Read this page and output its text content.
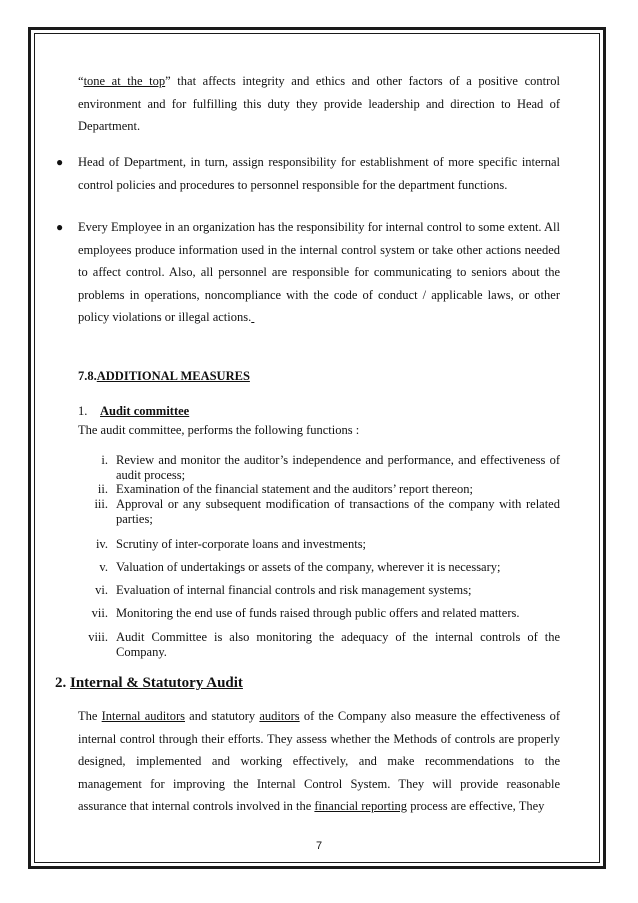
“tone at the top” that affects integrity and ethics and other factors of a positive control environment and for fulfilling this duty they provide leadership and direction to Head of Department.
● Head of Department, in turn, assign responsibility for establishment of more specific internal control policies and procedures to personnel responsible for the department functions.
● Every Employee in an organization has the responsibility for internal control to some extent. All employees produce information used in the internal control system or take other actions needed to affect control. Also, all personnel are responsible for communicating to seniors about the problems in operations, noncompliance with the code of conduct / applicable laws, or other policy violations or illegal actions.
7.8.ADDITIONAL MEASURES
1. Audit committee
The audit committee, performs the following functions :
i. Review and monitor the auditor’s independence and performance, and effectiveness of audit process;
ii. Examination of the financial statement and the auditors’ report thereon;
iii. Approval or any subsequent modification of transactions of the company with related parties;
iv. Scrutiny of inter-corporate loans and investments;
v. Valuation of undertakings or assets of the company, wherever it is necessary;
vi. Evaluation of internal financial controls and risk management systems;
vii. Monitoring the end use of funds raised through public offers and related matters.
viii. Audit Committee is also monitoring the adequacy of the internal controls of the Company.
2. Internal & Statutory Audit
The Internal auditors and statutory auditors of the Company also measure the effectiveness of internal control through their efforts. They assess whether the Methods of controls are properly designed, implemented and working effectively, and make recommendations to the management for improving the Internal Control System. They will provide reasonable assurance that internal controls involved in the financial reporting process are effective, They
7
